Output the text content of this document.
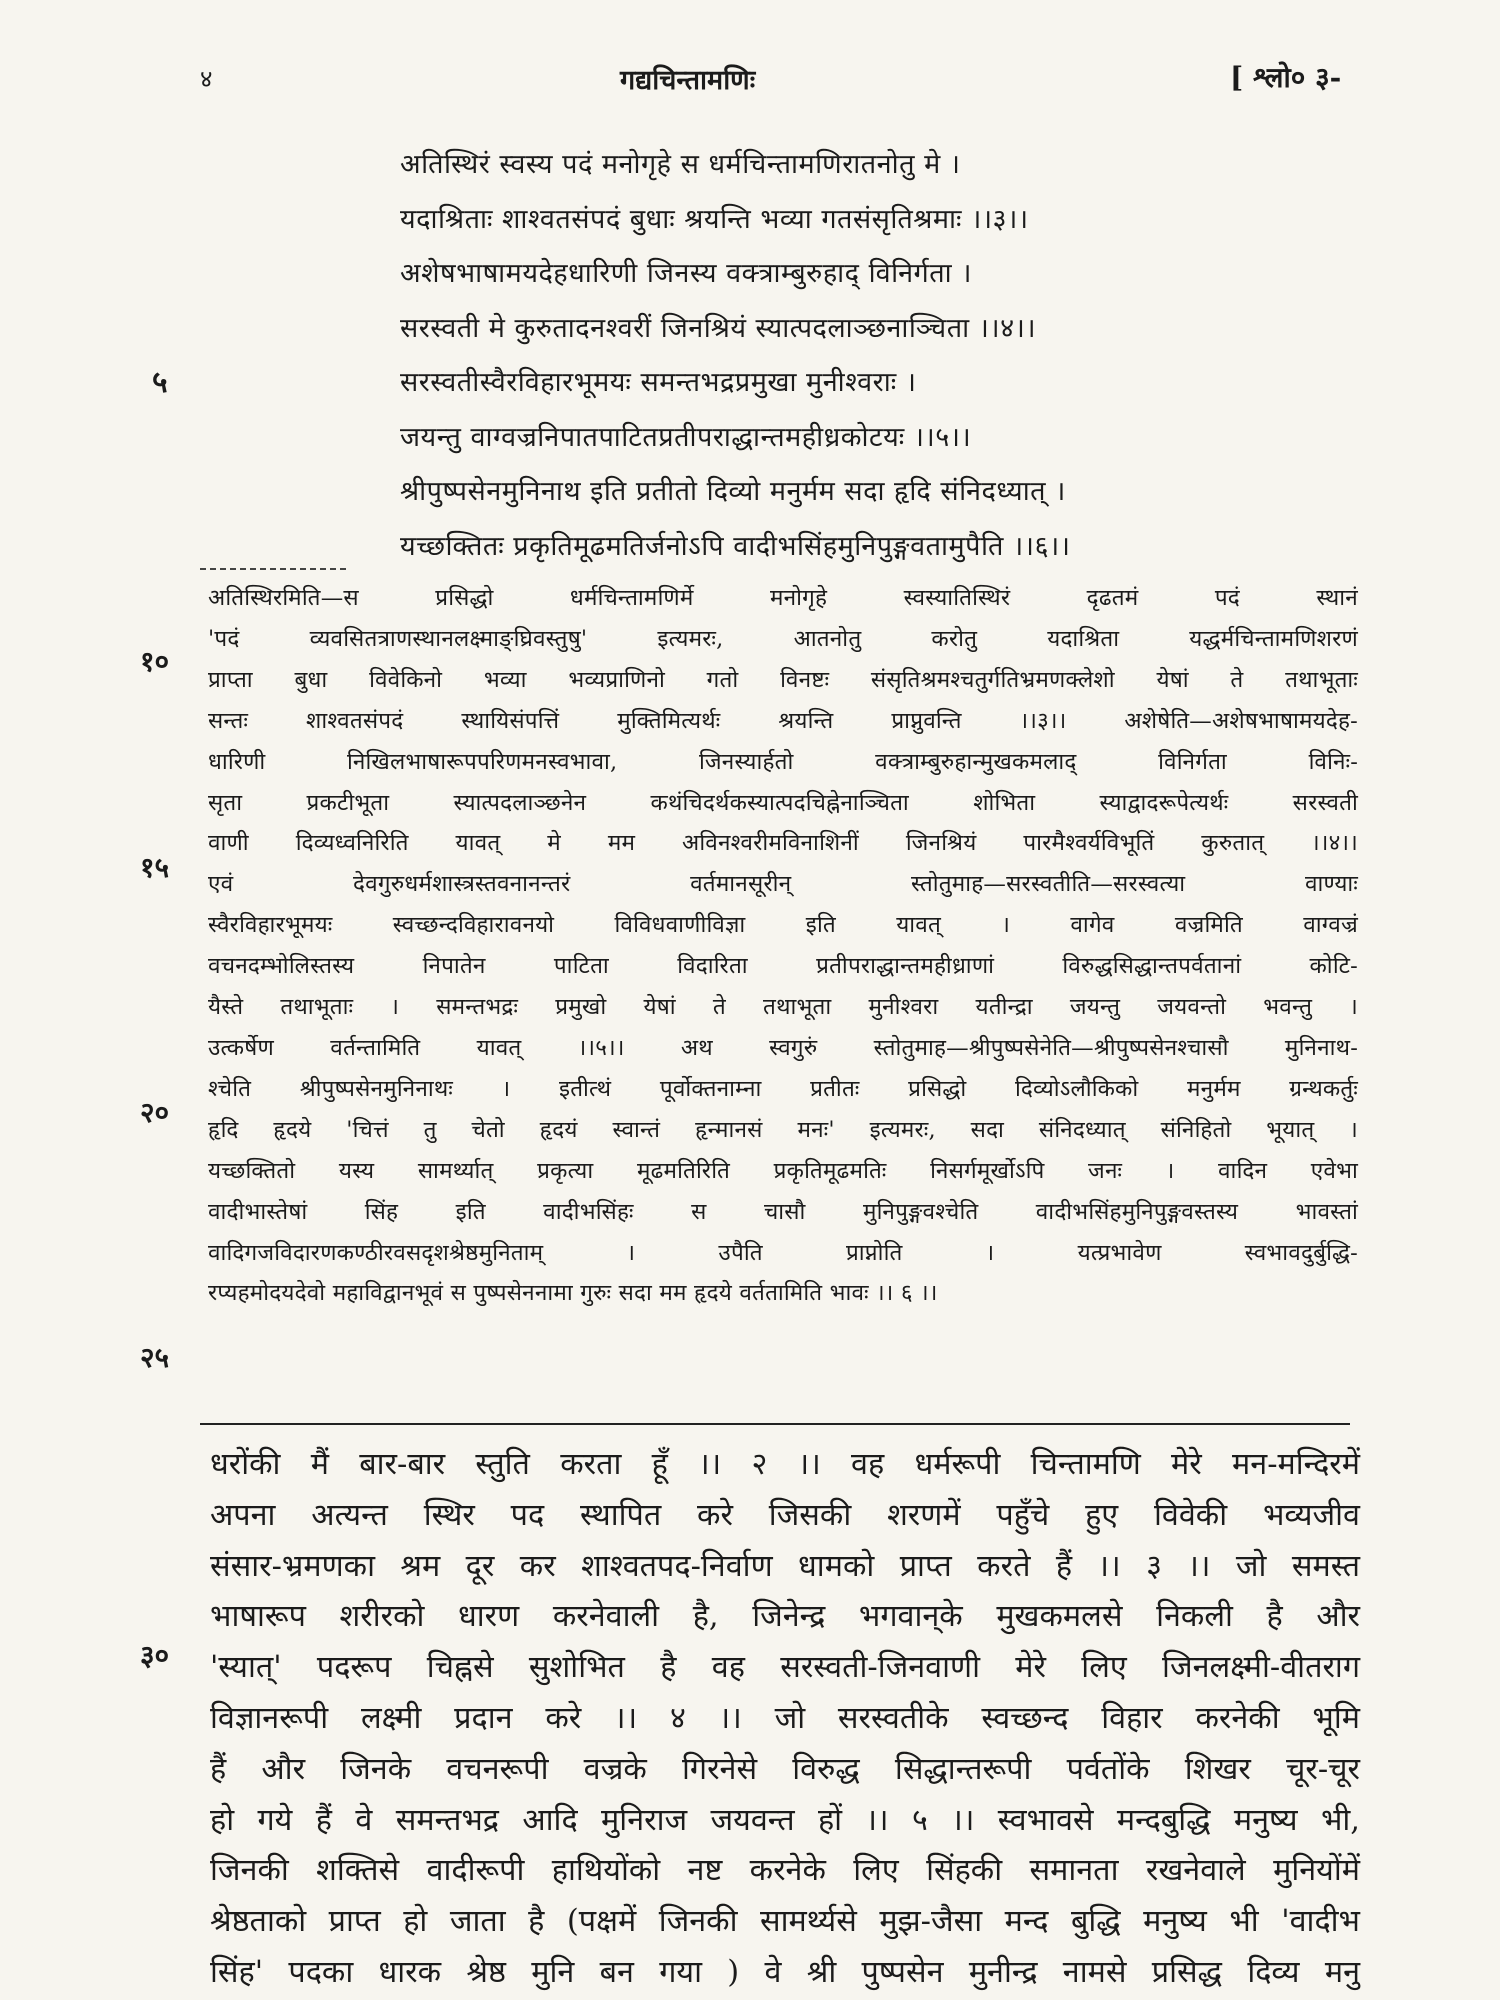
४	गद्यचिन्तामणिः	[ श्लो० ३-
अतिस्थिरं स्वस्य पदं मनोगृहे स धर्मचिन्तामणिरातनोतु मे ।
यदाश्रिताः शाश्वतसंपदं बुधाः श्रयन्ति भव्या गतसंसृतिश्रमाः ।।३।।
अशेषभाषामयदेहधारिणी जिनस्य वक्त्राम्बुरुहाद् विनिर्गता ।
सरस्वती मे कुरुतादनश्वरीं जिनश्रियं स्यात्पदलाञ्छनाञ्चिता ।।४।।
सरस्वतीस्वैरविहारभूमयः समन्तभद्रप्रमुखा मुनीश्वराः ।
जयन्तु वाग्वज्रनिपातपाटितप्रतीपराद्धान्तमहीध्रकोटयः ।।५।।
श्रीपुष्पसेनमुनिनाथ इति प्रतीतो दिव्यो मनुर्मम सदा हृदि संनिदध्यात् ।
यच्छक्तितः प्रकृतिमूढमतिर्जनोऽपि वादीभसिंहमुनिपुङ्गवतामुपैति ।।६।।
५
अतिस्थिरमिति—स प्रसिद्धो धर्मचिन्तामणिर्मे मनोगृहे स्वस्यातिस्थिरं दृढतमं पदं स्थानं
'पदं व्यवसितत्राणस्थानलक्ष्माङ्घ्रिवस्तुषु' इत्यमरः, आतनोतु करोतु यदाश्रिता यद्धर्मचिन्तामणिशरणं
प्राप्ता बुधा विवेकिनो भव्या भव्यप्राणिनो गतो विनष्टः संसृतिश्रमश्चतुर्गतिभ्रमणक्लेशो येषां ते तथाभूताः
सन्तः शाश्वतसंपदं स्थायिसंपत्तिं मुक्तिमित्यर्थः श्रयन्ति प्राप्नुवन्ति ।।३।। अशेषेति—अशेषभाषामयदेह-
धारिणी निखिलभाषारूपपरिणमनस्वभावा, जिनस्यार्हतो वक्त्राम्बुरुहान्मुखकमलाद् विनिर्गता विनिः-
सृता प्रकटीभूता स्यात्पदलाञ्छनेन कथंचिदर्थकस्यात्पदचिह्नेनाञ्चिता शोभिता स्याद्वादरूपेत्यर्थः सरस्वती
वाणी दिव्यध्वनिरिति यावत् मे मम अविनश्वरीमविनाशिनीं जिनश्रियं पारमैश्वर्यविभूतिं कुरुतात् ।।४।।
एवं देवगुरुधर्मशास्त्रस्तवनानन्तरं वर्तमानसूरीन् स्तोतुमाह—सरस्वतीति—सरस्वत्या वाण्याः
स्वैरविहारभूमयः स्वच्छन्दविहारावनयो विविधवाणीविज्ञा इति यावत् । वागेव वज्रमिति वाग्वज्रं
वचनदम्भोलिस्तस्य निपातेन पाटिता विदारिता प्रतीपराद्धान्तमहीध्राणां विरुद्धसिद्धान्तपर्वतानां कोटि-
यैस्ते तथाभूताः । समन्तभद्रः प्रमुखो येषां ते तथाभूता मुनीश्वरा यतीन्द्रा जयन्तु जयवन्तो भवन्तु ।
उत्कर्षेण वर्तन्तामिति यावत् ।।५।। अथ स्वगुरुं स्तोतुमाह—श्रीपुष्पसेनेति—श्रीपुष्पसेनश्चासौ मुनिनाथ-
श्चेति श्रीपुष्पसेनमुनिनाथः । इतीत्थं पूर्वोक्तनाम्ना प्रतीतः प्रसिद्धो दिव्योऽलौकिको मनुर्मम ग्रन्थकर्तुः
हृदि हृदये 'चित्तं तु चेतो हृदयं स्वान्तं हृन्मानसं मनः' इत्यमरः, सदा संनिदध्यात् संनिहितो भूयात् ।
यच्छक्तितो यस्य सामर्थ्यात् प्रकृत्या मूढमतिरिति प्रकृतिमूढमतिः निसर्गमूर्खोऽपि जनः । वादिन एवेभा
वादीभास्तेषां सिंह इति वादीभसिंहः स चासौ मुनिपुङ्गवश्चेति वादीभसिंहमुनिपुङ्गवस्तस्य भावस्तां
वादिगजविदारणकण्ठीरवसदृशश्रेष्ठमुनिताम् । उपैति प्राप्नोति । यत्प्रभावेण स्वभावदुर्बुद्धि-
रप्यहमोदयदेवो महाविद्वानभूवं स पुष्पसेननामा गुरुः सदा मम हृदये वर्ततामिति भावः ।। ६ ।।
१०
१५
२०
२५
धरोंकी मैं बार-बार स्तुति करता हूँ ।। २ ।। वह धर्मरूपी चिन्तामणि मेरे मन-मन्दिरमें
अपना अत्यन्त स्थिर पद स्थापित करे जिसकी शरणमें पहुँचे हुए विवेकी भव्यजीव
संसार-भ्रमणका श्रम दूर कर शाश्वतपद-निर्वाण धामको प्राप्त करते हैं ।। ३ ।। जो समस्त
भाषारूप शरीरको धारण करनेवाली है, जिनेन्द्र भगवान्‌के मुखकमलसे निकली है और
'स्यात्' पदरूप चिह्नसे सुशोभित है वह सरस्वती-जिनवाणी मेरे लिए जिनलक्ष्मी-वीतराग
विज्ञानरूपी लक्ष्मी प्रदान करे ।। ४ ।। जो सरस्वतीके स्वच्छन्द विहार करनेकी भूमि
हैं और जिनके वचनरूपी वज्रके गिरनेसे विरुद्ध सिद्धान्तरूपी पर्वतोंके शिखर चूर-चूर
हो गये हैं वे समन्तभद्र आदि मुनिराज जयवन्त हों ।। ५ ।। स्वभावसे मन्दबुद्धि मनुष्य भी,
जिनकी शक्तिसे वादीरूपी हाथियोंको नष्ट करनेके लिए सिंहकी समानता रखनेवाले मुनियोंमें
श्रेष्ठताको प्राप्त हो जाता है (पक्षमें जिनकी सामर्थ्यसे मुझ-जैसा मन्द बुद्धि मनुष्य भी 'वादीभ
सिंह' पदका धारक श्रेष्ठ मुनि बन गया ) वे श्री पुष्पसेन मुनीन्द्र नामसे प्रसिद्ध दिव्य मनु
३०
